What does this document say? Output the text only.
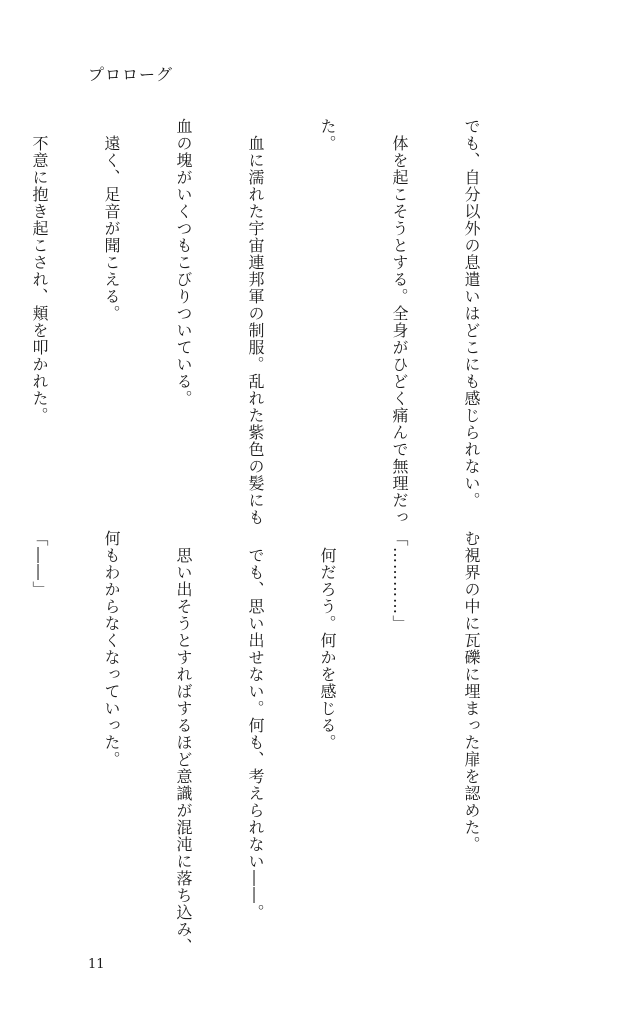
プロローグ

でも、自分以外の息遣いはどこにも感じられない。

　体を起こそうとする。全身がひどく痛んで無理だっ

た。

　血に濡れた宇宙連邦軍の制服。乱れた紫色の髪にも

血の塊がいくつもこびりついている。

　遠く、足音が聞こえる。

　不意に抱き起こされ、頬を叩かれた。

む視界の中に瓦礫に埋まった扉を認めた。

「…………」

　何だろう。何かを感じる。

　でも、思い出せない。何も、考えられない――。

　思い出そうとすればするほど意識が混沌に落ち込み、

何もわからなくなっていった。

「――」

11
